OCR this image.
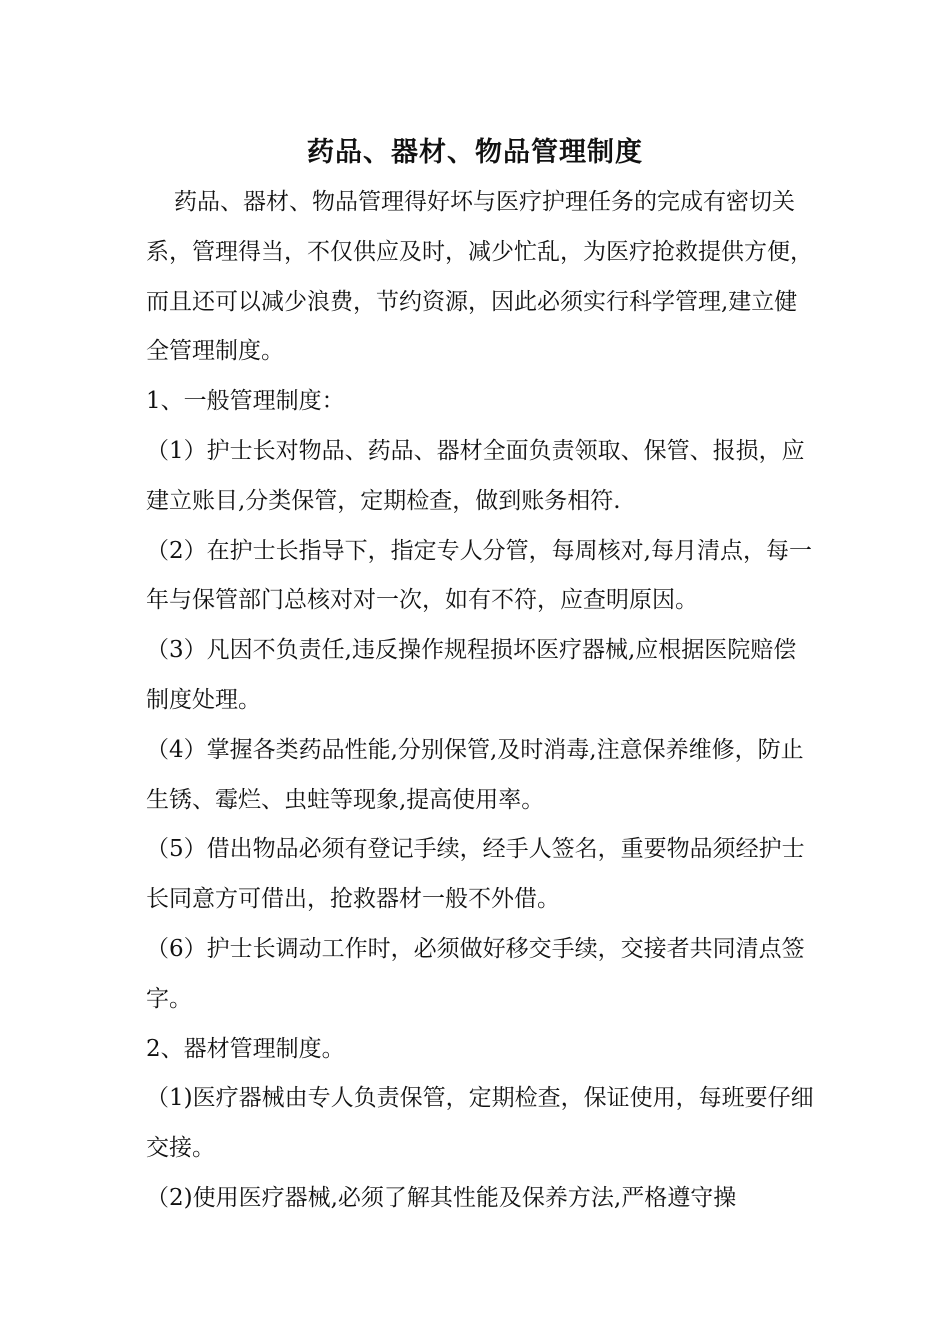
药品、器材、物品管理制度

药品、器材、物品管理得好坏与医疗护理任务的完成有密切关系，管理得当，不仅供应及时，减少忙乱，为医疗抢救提供方便，而且还可以减少浪费，节约资源，因此必须实行科学管理,建立健全管理制度。

1、一般管理制度：

（1）护士长对物品、药品、器材全面负责领取、保管、报损，应建立账目,分类保管，定期检查，做到账务相符.

（2）在护士长指导下，指定专人分管，每周核对,每月清点，每一年与保管部门总核对对一次，如有不符，应查明原因。

（3）凡因不负责任,违反操作规程损坏医疗器械,应根据医院赔偿制度处理。

（4）掌握各类药品性能,分别保管,及时消毒,注意保养维修，防止生锈、霉烂、虫蛀等现象,提高使用率。

（5）借出物品必须有登记手续，经手人签名，重要物品须经护士长同意方可借出，抢救器材一般不外借。

（6）护士长调动工作时，必须做好移交手续，交接者共同清点签字。

2、器材管理制度。

（1)医疗器械由专人负责保管，定期检查，保证使用，每班要仔细交接。

（2)使用医疗器械,必须了解其性能及保养方法,严格遵守操
